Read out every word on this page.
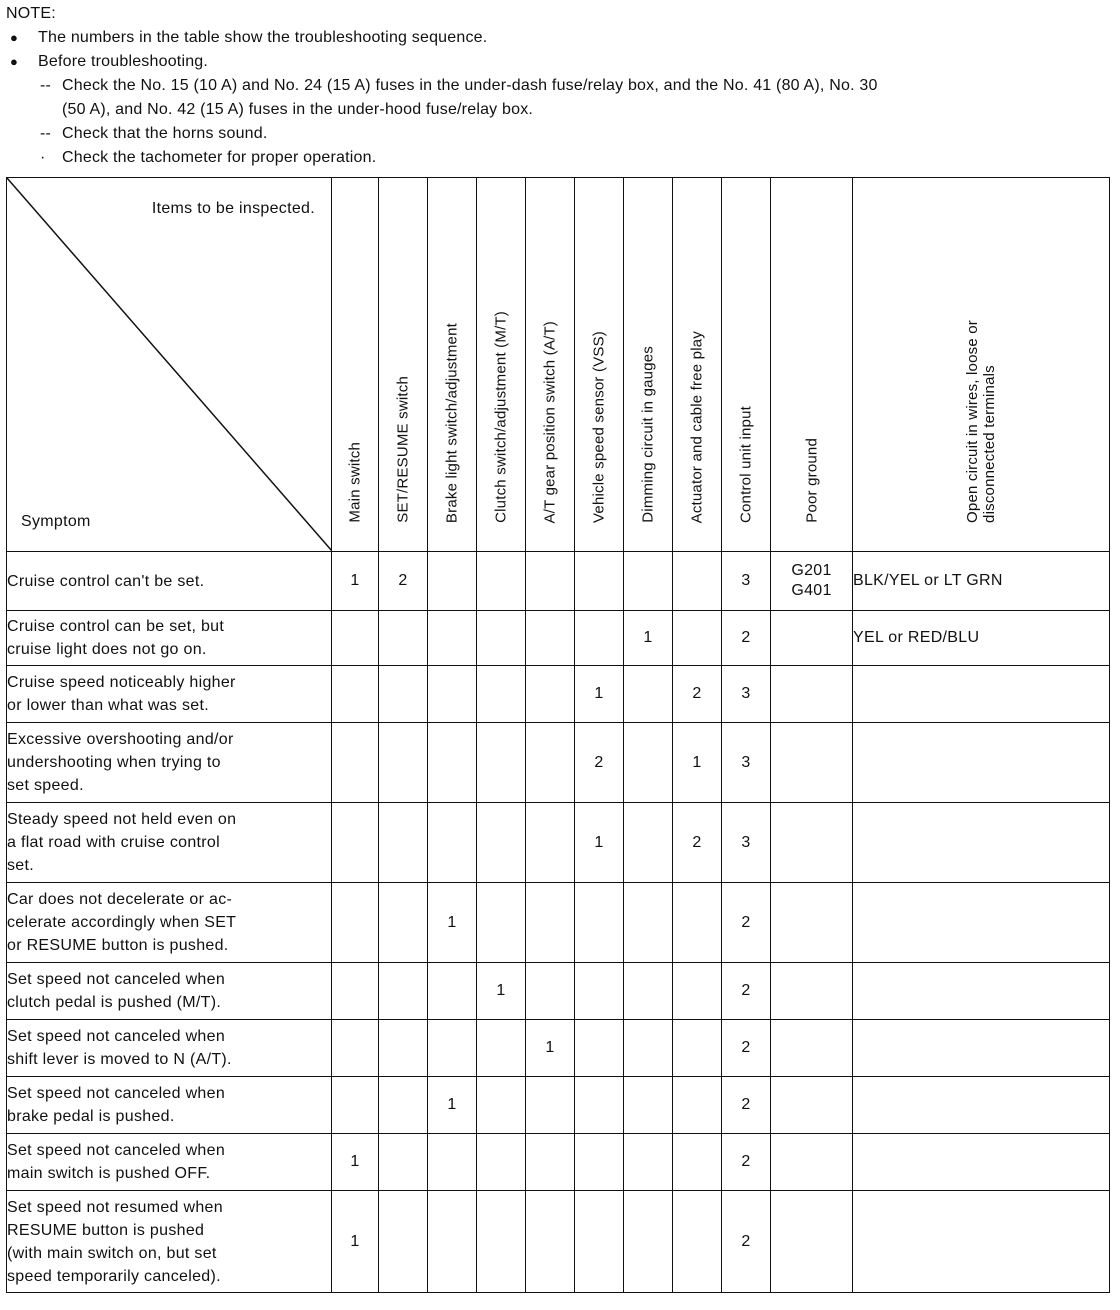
NOTE:
● The numbers in the table show the troubleshooting sequence.
● Before troubleshooting.
-- Check the No. 15 (10 A) and No. 24 (15 A) fuses in the under-dash fuse/relay box, and the No. 41 (80 A), No. 30
(50 A), and No. 42 (15 A) fuses in the under-hood fuse/relay box.
-- Check that the horns sound.
· Check the tachometer for proper operation.
Items to be inspected.
Symptom	Main switch	SET/RESUME switch	Brake light switch/adjustment	Clutch switch/adjustment (M/T)	A/T gear position switch (A/T)	Vehicle speed sensor (VSS)	Dimming circuit in gauges	Actuator and cable free play	Control unit input	Poor ground	Open circuit in wires, loose or
disconnected terminals

Cruise control can't be set.	1	2							3	G201
G401	BLK/YEL or LT GRN
Cruise control can be set, but
cruise light does not go on.							1		2		YEL or RED/BLU
Cruise speed noticeably higher
or lower than what was set.						1		2	3	

Excessive overshooting and/or
undershooting when trying to
set speed.						2		1	3	

Steady speed not held even on
a flat road with cruise control
set.						1		2	3	

Car does not decelerate or ac-
celerate accordingly when SET
or RESUME button is pushed.			1						2	

Set speed not canceled when
clutch pedal is pushed (M/T).				1					2	

Set speed not canceled when
shift lever is moved to N (A/T).					1				2	

Set speed not canceled when
brake pedal is pushed.			1						2	

Set speed not canceled when
main switch is pushed OFF.	1								2	

Set speed not resumed when
RESUME button is pushed
(with main switch on, but set
speed temporarily canceled).	1								2	
